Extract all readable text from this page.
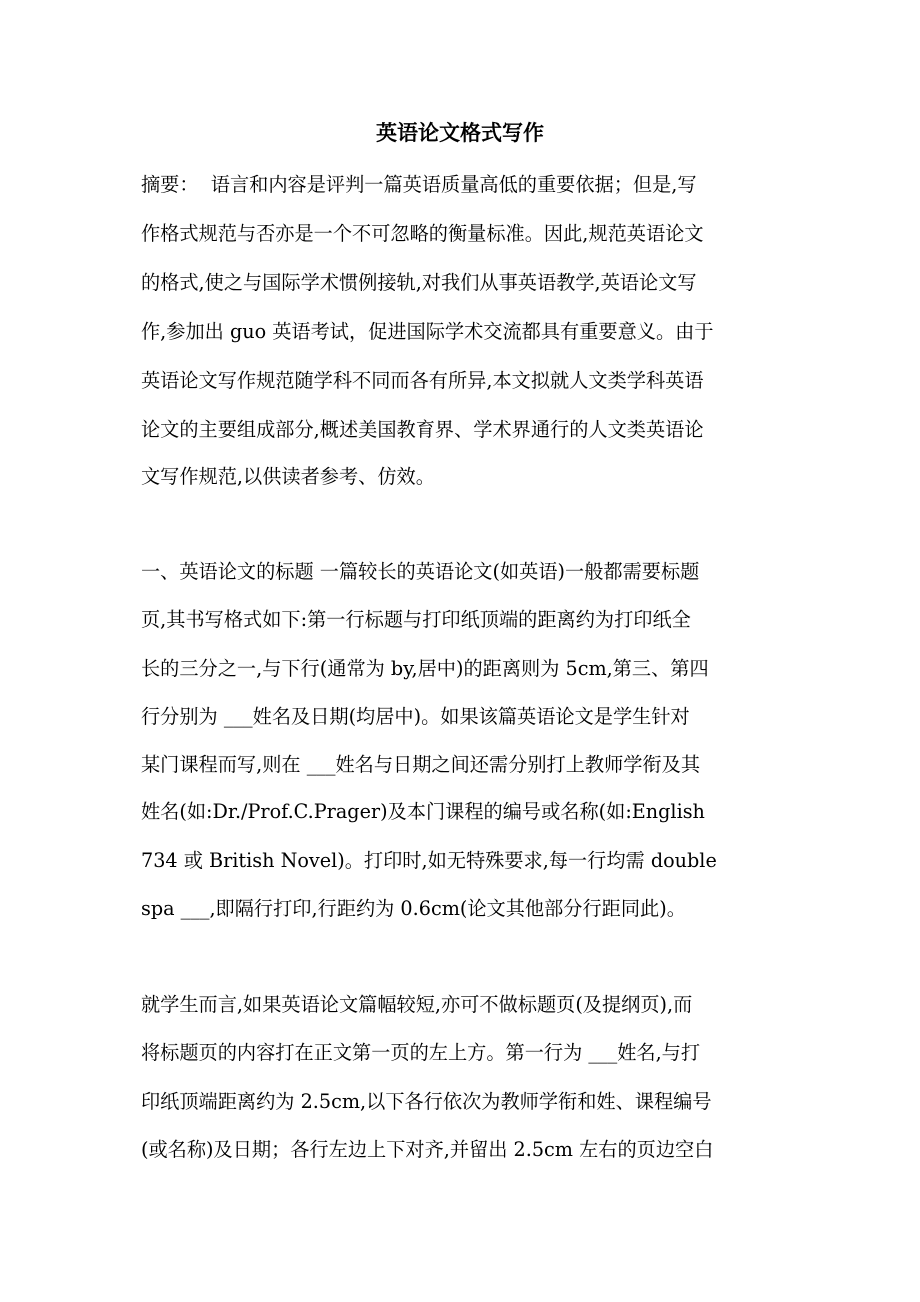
英语论文格式写作

摘要：  语言和内容是评判一篇英语质量高低的重要依据；但是,写

作格式规范与否亦是一个不可忽略的衡量标准。因此,规范英语论文

的格式,使之与国际学术惯例接轨,对我们从事英语教学,英语论文写

作,参加出 guo 英语考试，促进国际学术交流都具有重要意义。由于

英语论文写作规范随学科不同而各有所异,本文拟就人文类学科英语

论文的主要组成部分,概述美国教育界、学术界通行的人文类英语论

文写作规范,以供读者参考、仿效。

一、英语论文的标题 一篇较长的英语论文(如英语)一般都需要标题

页,其书写格式如下:第一行标题与打印纸顶端的距离约为打印纸全

长的三分之一,与下行(通常为 by,居中)的距离则为 5cm,第三、第四

行分别为 ___姓名及日期(均居中)。如果该篇英语论文是学生针对

某门课程而写,则在 ___姓名与日期之间还需分别打上教师学衔及其

姓名(如:Dr./Prof.C.Prager)及本门课程的编号或名称(如:English

734 或 British Novel)。打印时,如无特殊要求,每一行均需 double

spa ___,即隔行打印,行距约为 0.6cm(论文其他部分行距同此)。

就学生而言,如果英语论文篇幅较短,亦可不做标题页(及提纲页),而

将标题页的内容打在正文第一页的左上方。第一行为 ___姓名,与打

印纸顶端距离约为 2.5cm,以下各行依次为教师学衔和姓、课程编号

(或名称)及日期；各行左边上下对齐,并留出 2.5cm 左右的页边空白
